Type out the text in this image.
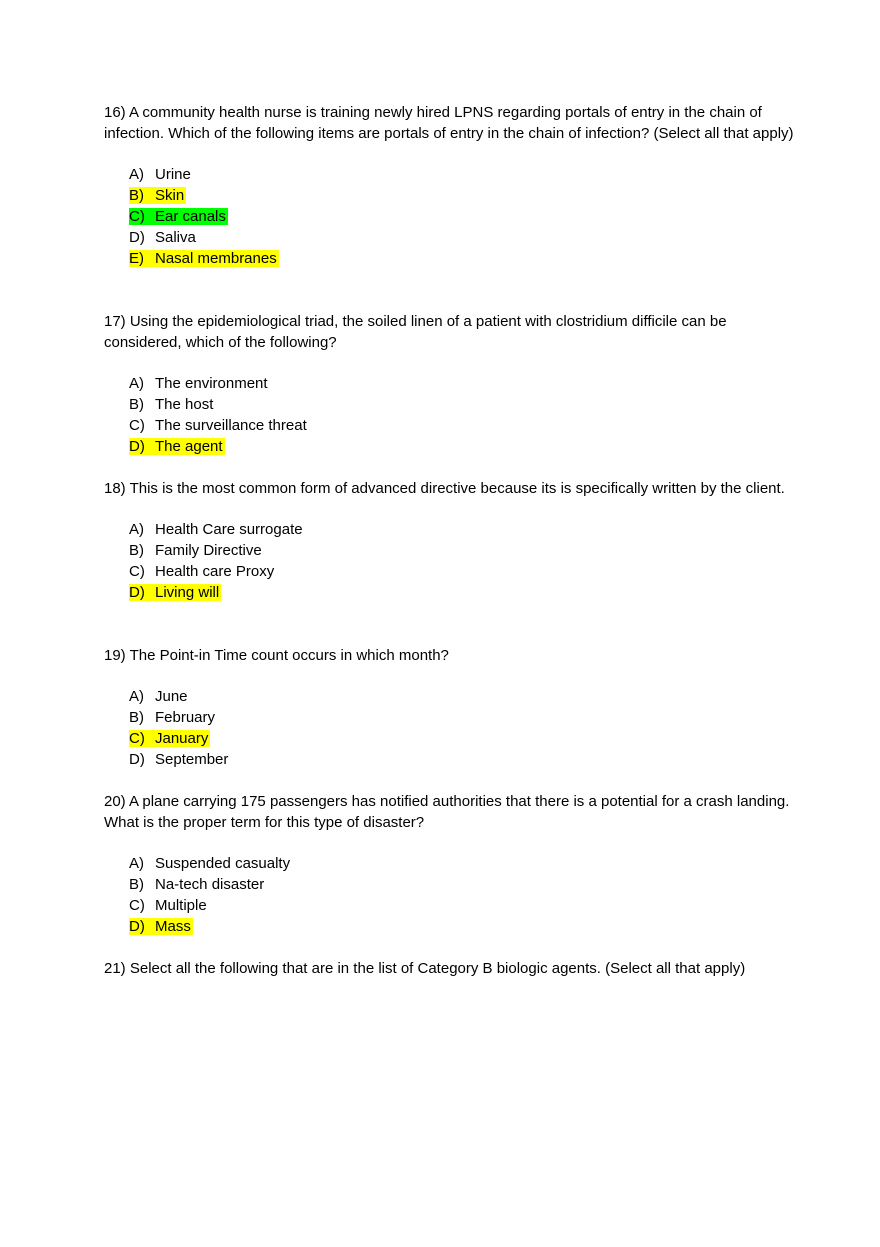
16) A community health nurse is training newly hired LPNS regarding portals of entry in the chain of infection. Which of the following items are portals of entry in the chain of infection? (Select all that apply)

A) Urine
B) Skin
C) Ear canals
D) Saliva
E) Nasal membranes

17) Using the epidemiological triad, the soiled linen of a patient with clostridium difficile can be considered, which of the following?

A) The environment
B) The host
C) The surveillance threat
D) The agent

18) This is the most common form of advanced directive because its is specifically written by the client.

A) Health Care surrogate
B) Family Directive
C) Health care Proxy
D) Living will

19) The Point-in Time count occurs in which month?

A) June
B) February
C) January
D) September

20) A plane carrying 175 passengers has notified authorities that there is a potential for a crash landing. What is the proper term for this type of disaster?

A) Suspended casualty
B) Na-tech disaster
C) Multiple
D) Mass

21) Select all the following that are in the list of Category B biologic agents. (Select all that apply)
